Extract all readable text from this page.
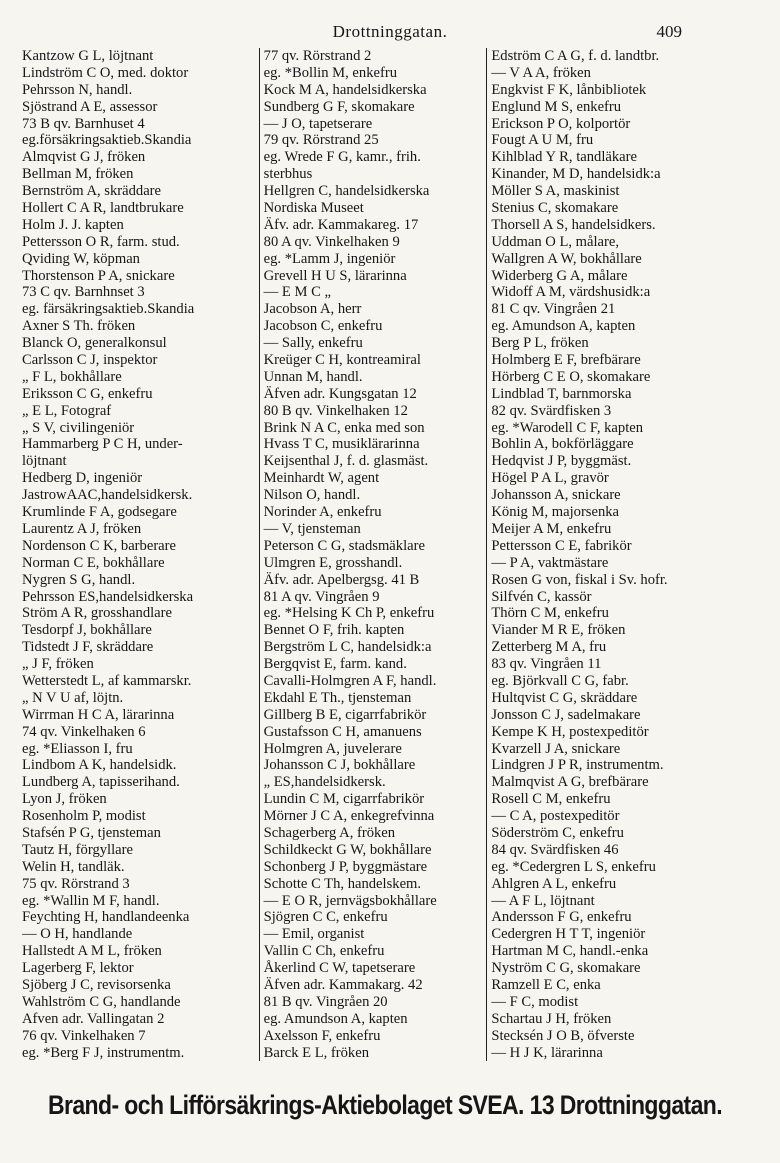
Drottninggatan.	409
Kantzow G L, löjtnant
Lindström C O, med. doktor
Pehrsson N, handl.
Sjöstrand A E, assessor
73 B qv. Barnhuset 4
eg.försäkringsaktieb.Skandia
Almqvist G J, fröken
Bellman M, fröken
Bernström A, skräddare
Hollert C A R, landtbrukare
Holm J. J. kapten
Pettersson O R, farm. stud.
Qviding W, köpman
Thorstenson P A, snickare
73 C qv. Barnhnset 3
eg. färsäkringsaktieb.Skandia
Axner S Th. fröken
Blanck O, generalkonsul
Carlsson C J, inspektor
„ F L, bokhållare
Eriksson C G, enkefru
„ E L, Fotograf
„ S V, civilingeniör
Hammarberg P C H, under-
löjtnant
Hedberg D, ingeniör
JastrowAAC,handelsidkersk.
Krumlinde F A, godsegare
Laurentz A J, fröken
Nordenson C K, barberare
Norman C E, bokhållare
Nygren S G, handl.
Pehrsson ES,handelsidkerska
Ström A R, grosshandlare
Tesdorpf J, bokhållare
Tidstedt J F, skräddare
„ J F, fröken
Wetterstedt L, af kammarskr.
„ N V U af, löjtn.
Wirrman H C A, lärarinna
74 qv. Vinkelhaken 6
eg. *Eliasson I, fru
Lindbom A K, handelsidk.
Lundberg A, tapisserihand.
Lyon J, fröken
Rosenholm P, modist
Stafsén P G, tjensteman
Tautz H, förgyllare
Welin H, tandläk.
75 qv. Rörstrand 3
eg. *Wallin M F, handl.
Feychting H, handlandeenka
— O H, handlande
Hallstedt A M L, fröken
Lagerberg F, lektor
Sjöberg J C, revisorsenka
Wahlström C G, handlande
Afven adr. Vallingatan 2
76 qv. Vinkelhaken 7
eg. *Berg F J, instrumentm.
77 qv. Rörstrand 2
eg. *Bollin M, enkefru
Kock M A, handelsidkerska
Sundberg G F, skomakare
— J O, tapetserare
79 qv. Rörstrand 25
eg. Wrede F G, kamr., frih.
sterbhus
Hellgren C, handelsidkerska
Nordiska Museet
Äfv. adr. Kammakareg. 17
80 A qv. Vinkelhaken 9
eg. *Lamm J, ingeniör
Grevell H U S, lärarinna
— E M C „
Jacobson A, herr
Jacobson C, enkefru
— Sally, enkefru
Kreüger C H, kontreamiral
Unnan M, handl.
Äfven adr. Kungsgatan 12
80 B qv. Vinkelhaken 12
Brink N A C, enka med son
Hvass T C, musiklärarinna
Keijsenthal J, f. d. glasmäst.
Meinhardt W, agent
Nilson O, handl.
Norinder A, enkefru
— V, tjensteman
Peterson C G, stadsmäklare
Ulmgren E, grosshandl.
Äfv. adr. Apelbergsg. 41 B
81 A qv. Vingråen 9
eg. *Helsing K Ch P, enkefru
Bennet O F, frih. kapten
Bergström L C, handelsidk:a
Bergqvist E, farm. kand.
Cavalli-Holmgren A F, handl.
Ekdahl E Th., tjensteman
Gillberg B E, cigarrfabrikör
Gustafsson C H, amanuens
Holmgren A, juvelerare
Johansson C J, bokhållare
„ ES,handelsidkersk.
Lundin C M, cigarrfabrikör
Mörner J C A, enkegrefvinna
Schagerberg A, fröken
Schildkeckt G W, bokhållare
Schonberg J P, byggmästare
Schotte C Th, handelskem.
— E O R, jernvägsbokhållare
Sjögren C C, enkefru
— Emil, organist
Vallin C Ch, enkefru
Åkerlind C W, tapetserare
Äfven adr. Kammakarg. 42
81 B qv. Vingråen 20
eg. Amundson A, kapten
Axelsson F, enkefru
Barck E L, fröken
Edström C A G, f. d. landtbr.
— V A A, fröken
Engkvist F K, lånbibliotek
Englund M S, enkefru
Erickson P O, kolportör
Fougt A U M, fru
Kihlblad Y R, tandläkare
Kinander, M D, handelsidk:a
Möller S A, maskinist
Stenius C, skomakare
Thorsell A S, handelsidkers.
Uddman O L, målare,
Wallgren A W, bokhållare
Widerberg G A, målare
Widoff A M, värdshusidk:a
81 C qv. Vingråen 21
eg. Amundson A, kapten
Berg P L, fröken
Holmberg E F, brefbärare
Hörberg C E O, skomakare
Lindblad T, barnmorska
82 qv. Svärdfisken 3
eg. *Warodell C F, kapten
Bohlin A, bokförläggare
Hedqvist J P, byggmäst.
Högel P A L, gravör
Johansson A, snickare
König M, majorsenka
Meijer A M, enkefru
Pettersson C E, fabrikör
— P A, vaktmästare
Rosen G von, fiskal i Sv. hofr.
Silfvén C, kassör
Thörn C M, enkefru
Viander M R E, fröken
Zetterberg M A, fru
83 qv. Vingråen 11
eg. Björkvall C G, fabr.
Hultqvist C G, skräddare
Jonsson C J, sadelmakare
Kempe K H, postexpeditör
Kvarzell J A, snickare
Lindgren J P R, instrumentm.
Malmqvist A G, brefbärare
Rosell C M, enkefru
— C A, postexpeditör
Söderström C, enkefru
84 qv. Svärdfisken 46
eg. *Cedergren L S, enkefru
Ahlgren A L, enkefru
— A F L, löjtnant
Andersson F G, enkefru
Cedergren H T T, ingeniör
Hartman M C, handl.-enka
Nyström C G, skomakare
Ramzell E C, enka
— F C, modist
Schartau J H, fröken
Stecksén J O B, öfverste
— H J K, lärarinna
Brand- och Lifförsäkrings-Aktiebolaget SVEA. 13 Drottninggatan.
